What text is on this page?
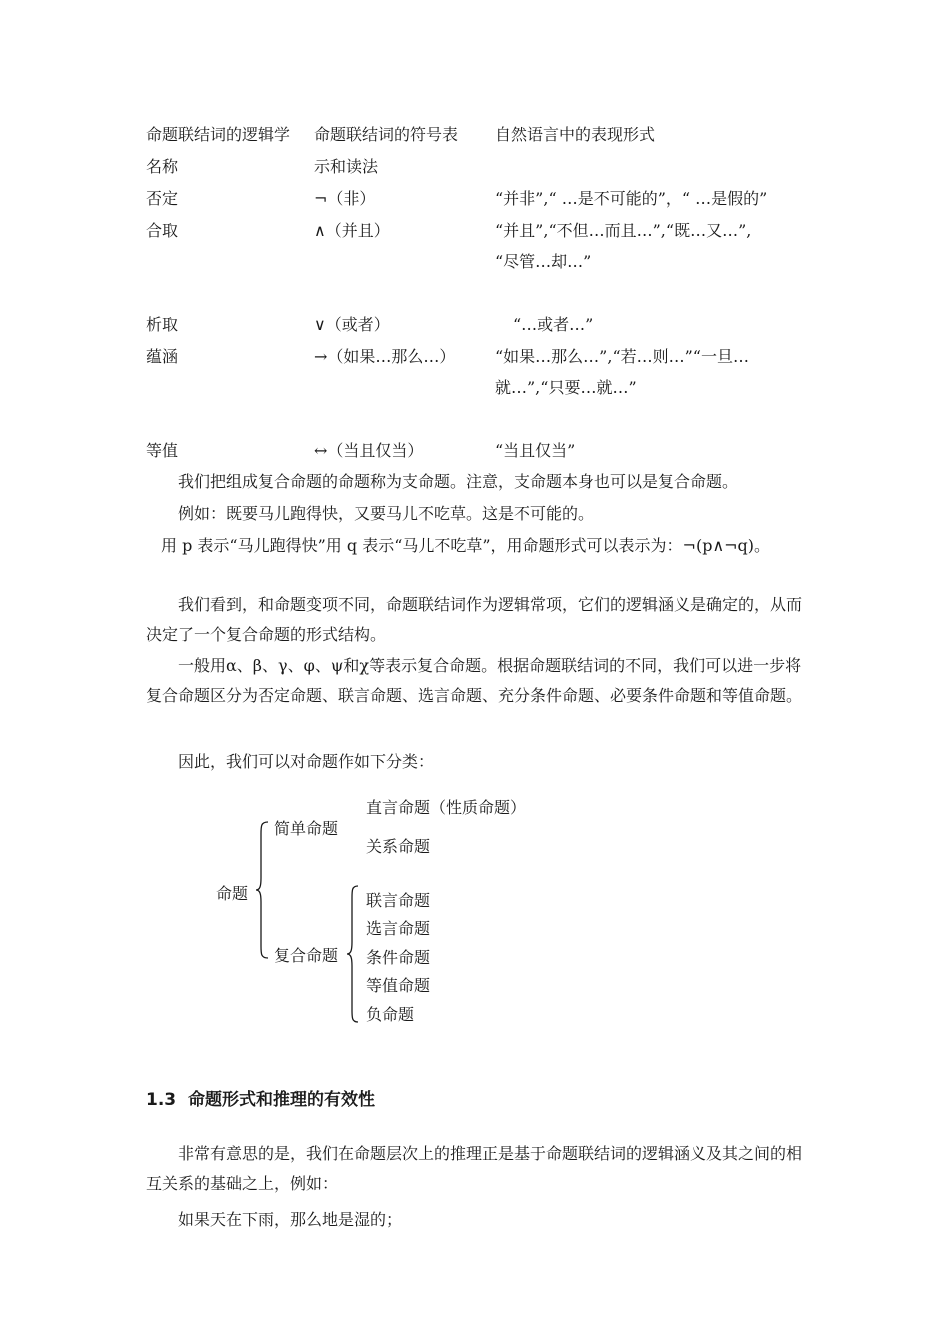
命题联结词的逻辑学 命题联结词的符号表 自然语言中的表现形式
名称	示和读法
否定	¬（非）	“并非”,“ …是不可能的”，“ …是假的”
合取	∧（并且）	“并且”,“不但…而且…”,“既…又…”,
“尽管…却…”
析取	∨（或者）	“…或者…”
蕴涵	→（如果…那么…） “如果…那么…”,“若…则…”“一旦…
就…”,“只要…就…”
等值	↔（当且仅当）	“当且仅当”
我们把组成复合命题的命题称为支命题。注意，支命题本身也可以是复合命题。
例如：既要马儿跑得快，又要马儿不吃草。这是不可能的。
用 p 表示“马儿跑得快”用 q 表示“马儿不吃草”，用命题形式可以表示为：¬(p∧¬q)。
我们看到，和命题变项不同，命题联结词作为逻辑常项，它们的逻辑涵义是确定的，从而决定了一个复合命题的形式结构。
一般用α、β、γ、φ、ψ和χ等表示复合命题。根据命题联结词的不同，我们可以进一步将复合命题区分为否定命题、联言命题、选言命题、充分条件命题、必要条件命题和等值命题。
因此，我们可以对命题作如下分类：
命题
简单命题
直言命题（性质命题）
关系命题
复合命题
联言命题
选言命题
条件命题
等值命题
负命题
1.3 命题形式和推理的有效性
非常有意思的是，我们在命题层次上的推理正是基于命题联结词的逻辑涵义及其之间的相互关系的基础之上，例如：
如果天在下雨，那么地是湿的；
